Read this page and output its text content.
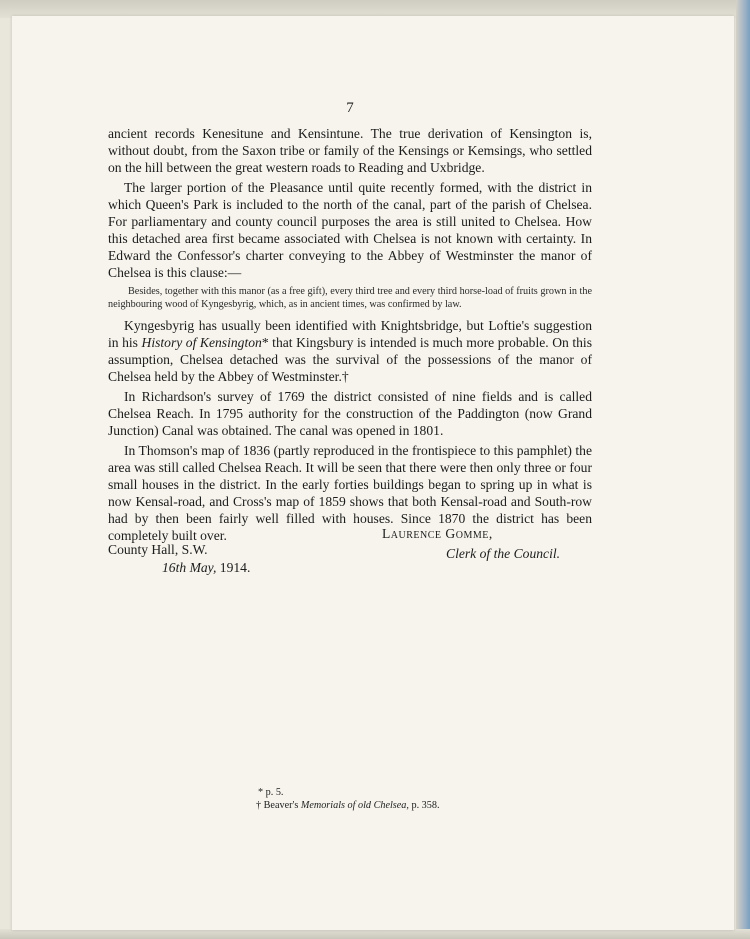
7

ancient records Kenesitune and Kensintune. The true derivation of Kensington is, without doubt, from the Saxon tribe or family of the Kensings or Kemsings, who settled on the hill between the great western roads to Reading and Uxbridge.

The larger portion of the Pleasance until quite recently formed, with the district in which Queen's Park is included to the north of the canal, part of the parish of Chelsea. For parliamentary and county council purposes the area is still united to Chelsea. How this detached area first became associated with Chelsea is not known with certainty. In Edward the Confessor's charter conveying to the Abbey of Westminster the manor of Chelsea is this clause:—

Besides, together with this manor (as a free gift), every third tree and every third horse-load of fruits grown in the neighbouring wood of Kyngesbyrig, which, as in ancient times, was confirmed by law.

Kyngesbyrig has usually been identified with Knightsbridge, but Loftie's suggestion in his History of Kensington* that Kingsbury is intended is much more probable. On this assumption, Chelsea detached was the survival of the possessions of the manor of Chelsea held by the Abbey of Westminster.†

In Richardson's survey of 1769 the district consisted of nine fields and is called Chelsea Reach. In 1795 authority for the construction of the Paddington (now Grand Junction) Canal was obtained. The canal was opened in 1801.

In Thomson's map of 1836 (partly reproduced in the frontispiece to this pamphlet) the area was still called Chelsea Reach. It will be seen that there were then only three or four small houses in the district. In the early forties buildings began to spring up in what is now Kensal-road, and Cross's map of 1859 shows that both Kensal-road and South-row had by then been fairly well filled with houses. Since 1870 the district has been completely built over.	Laurence Gomme,
Clerk of the Council.
County Hall, S.W.
16th May, 1914.
* p. 5.
† Beaver's Memorials of old Chelsea, p. 358.
